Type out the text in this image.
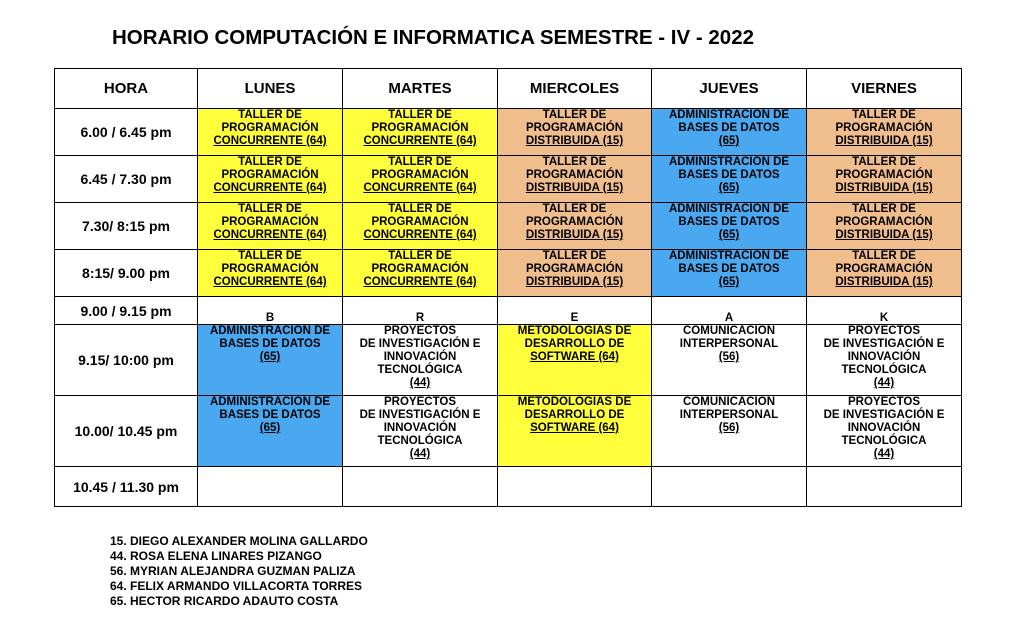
HORARIO COMPUTACIÓN E INFORMATICA SEMESTRE - IV - 2022
HORA	LUNES	MARTES	MIERCOLES	JUEVES	VIERNES
6.00 / 6.45 pm	TALLER DE
PROGRAMACIÓN
CONCURRENTE (64)	TALLER DE
PROGRAMACIÓN
CONCURRENTE (64)	TALLER DE
PROGRAMACIÓN
DISTRIBUIDA (15)	ADMINISTRACIÓN DE
BASES DE DATOS
(65)	TALLER DE
PROGRAMACIÓN
DISTRIBUIDA (15)

6.45 / 7.30 pm	TALLER DE
PROGRAMACIÓN
CONCURRENTE (64)	TALLER DE
PROGRAMACIÓN
CONCURRENTE (64)	TALLER DE
PROGRAMACIÓN
DISTRIBUIDA (15)	ADMINISTRACIÓN DE
BASES DE DATOS
(65)	TALLER DE
PROGRAMACIÓN
DISTRIBUIDA (15)

7.30/ 8:15 pm	TALLER DE
PROGRAMACIÓN
CONCURRENTE (64)	TALLER DE
PROGRAMACIÓN
CONCURRENTE (64)	TALLER DE
PROGRAMACIÓN
DISTRIBUIDA (15)	ADMINISTRACIÓN DE
BASES DE DATOS
(65)	TALLER DE
PROGRAMACIÓN
DISTRIBUIDA (15)

8:15/ 9.00 pm	TALLER DE
PROGRAMACIÓN
CONCURRENTE (64)	TALLER DE
PROGRAMACIÓN
CONCURRENTE (64)	TALLER DE
PROGRAMACIÓN
DISTRIBUIDA (15)	ADMINISTRACIÓN DE
BASES DE DATOS
(65)	TALLER DE
PROGRAMACIÓN
DISTRIBUIDA (15)

9.00 / 9.15 pm	B	R	E	A	K
9.15/ 10:00 pm	ADMINISTRACIÓN DE
BASES DE DATOS
(65)	PROYECTOS
DE INVESTIGACIÓN E
INNOVACIÓN
TECNOLÓGICA
(44)	METODOLOGÍAS DE
DESARROLLO DE
SOFTWARE (64)	COMUNICACIÓN
INTERPERSONAL
(56)	PROYECTOS
DE INVESTIGACIÓN E
INNOVACIÓN
TECNOLÓGICA
(44)

10.00/ 10.45 pm	ADMINISTRACIÓN DE
BASES DE DATOS
(65)	PROYECTOS
DE INVESTIGACIÓN E
INNOVACIÓN
TECNOLÓGICA
(44)	METODOLOGÍAS DE
DESARROLLO DE
SOFTWARE (64)	COMUNICACIÓN
INTERPERSONAL
(56)	PROYECTOS
DE INVESTIGACIÓN E
INNOVACIÓN
TECNOLÓGICA
(44)

10.45 / 11.30 pm					
15. DIEGO ALEXANDER MOLINA GALLARDO
44. ROSA ELENA LINARES PIZANGO
56. MYRIAN ALEJANDRA GUZMAN PALIZA
64. FELIX ARMANDO VILLACORTA TORRES
65. HECTOR RICARDO ADAUTO COSTA
